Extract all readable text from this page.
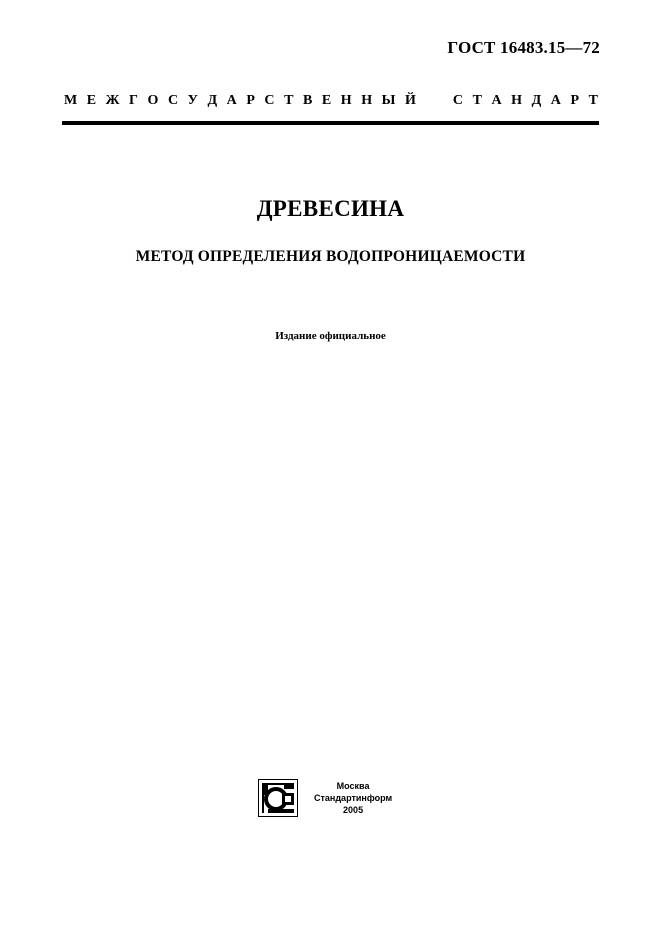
ГОСТ 16483.15—72
М Е Ж Г О С У Д А Р С Т В Е Н Н Ы Й	С Т А Н Д А Р Т
ДРЕВЕСИНА
МЕТОД ОПРЕДЕЛЕНИЯ ВОДОПРОНИЦАЕМОСТИ
Издание официальное
Москва
Стандартинформ
2005
